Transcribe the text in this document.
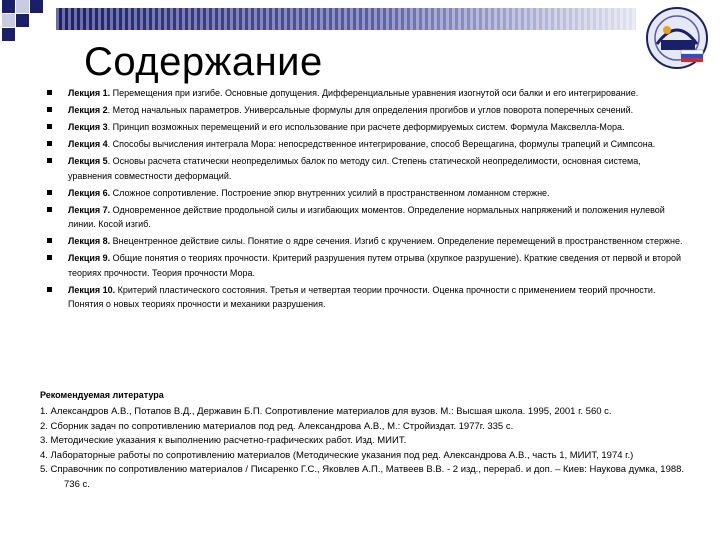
Содержание
Лекция 1. Перемещения при изгибе. Основные допущения. Дифференциальные уравнения изогнутой оси балки и его интегрирование.
Лекция 2. Метод начальных параметров. Универсальные формулы для определения прогибов и углов поворота поперечных сечений.
Лекция 3. Принцип возможных перемещений и его использование при расчете деформируемых систем. Формула Максвелла-Мора.
Лекция 4. Способы вычисления интеграла Мора: непосредственное интегрирование, способ Верещагина, формулы трапеций и Симпсона.
Лекция 5. Основы расчета статически неопределимых балок по методу сил. Степень статической неопределимости, основная система, уравнения совместности деформаций.
Лекция 6. Сложное сопротивление. Построение эпюр внутренних усилий в пространственном ломанном стержне.
Лекция 7. Одновременное действие продольной силы и изгибающих моментов. Определение нормальных напряжений и положения нулевой линии. Косой изгиб.
Лекция 8. Внецентренное действие силы. Понятие о ядре сечения. Изгиб с кручением. Определение перемещений в пространственном стержне.
Лекция 9. Общие понятия о теориях прочности. Критерий разрушения путем отрыва (хрупкое разрушение). Краткие сведения от первой и второй теориях прочности. Теория прочности Мора.
Лекция 10. Критерий пластического состояния. Третья и четвертая теории прочности. Оценка прочности с применением теорий прочности. Понятия о новых теориях прочности и механики разрушения.
Рекомендуемая литература
1. Александров А.В., Потапов В.Д., Державин Б.П. Сопротивление материалов для вузов. М.: Высшая школа. 1995, 2001 г. 560 с.
2. Сборник задач по сопротивлению материалов под ред. Александрова А.В., М.: Стройиздат. 1977г. 335 с.
3. Методические указания к выполнению расчетно-графических работ. Изд. МИИТ.
4. Лабораторные работы по сопротивлению материалов (Методические указания под ред. Александрова А.В., часть 1, МИИТ, 1974 г.)
5. Справочник по сопротивлению материалов / Писаренко Г.С., Яковлев А.П., Матвеев В.В. - 2 изд., перераб. и доп. – Киев: Наукова думка, 1988. 736 с.
